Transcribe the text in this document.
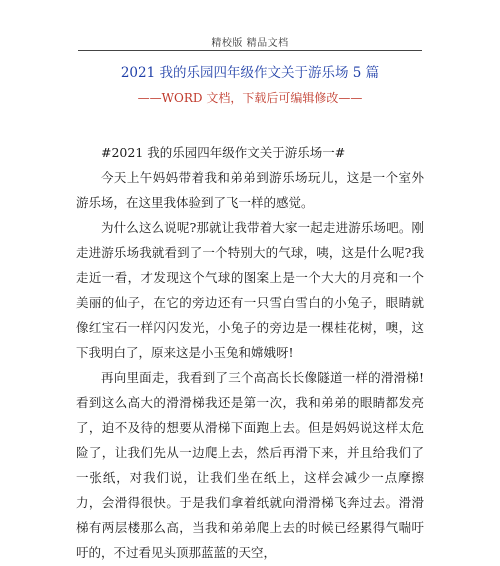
精校版 精品文档
2021 我的乐园四年级作文关于游乐场 5 篇
——WORD 文档，下载后可编辑修改——

#2021 我的乐园四年级作文关于游乐场一#

今天上午妈妈带着我和弟弟到游乐场玩儿，这是一个室外游乐场，在这里我体验到了飞一样的感觉。

为什么这么说呢?那就让我带着大家一起走进游乐场吧。刚走进游乐场我就看到了一个特别大的气球，咦，这是什么呢?我走近一看，才发现这个气球的图案上是一个大大的月亮和一个美丽的仙子，在它的旁边还有一只雪白雪白的小兔子，眼睛就像红宝石一样闪闪发光，小兔子的旁边是一棵桂花树，噢，这下我明白了，原来这是小玉兔和嫦娥呀!

再向里面走，我看到了三个高高长长像隧道一样的滑滑梯!看到这么高大的滑滑梯我还是第一次，我和弟弟的眼睛都发亮了，迫不及待的想要从滑梯下面跑上去。但是妈妈说这样太危险了，让我们先从一边爬上去，然后再滑下来，并且给我们了一张纸，对我们说，让我们坐在纸上，这样会减少一点摩擦力，会滑得很快。于是我们拿着纸就向滑滑梯飞奔过去。滑滑梯有两层楼那么高，当我和弟弟爬上去的时候已经累得气喘吁吁的，不过看见头顶那蓝蓝的天空，
